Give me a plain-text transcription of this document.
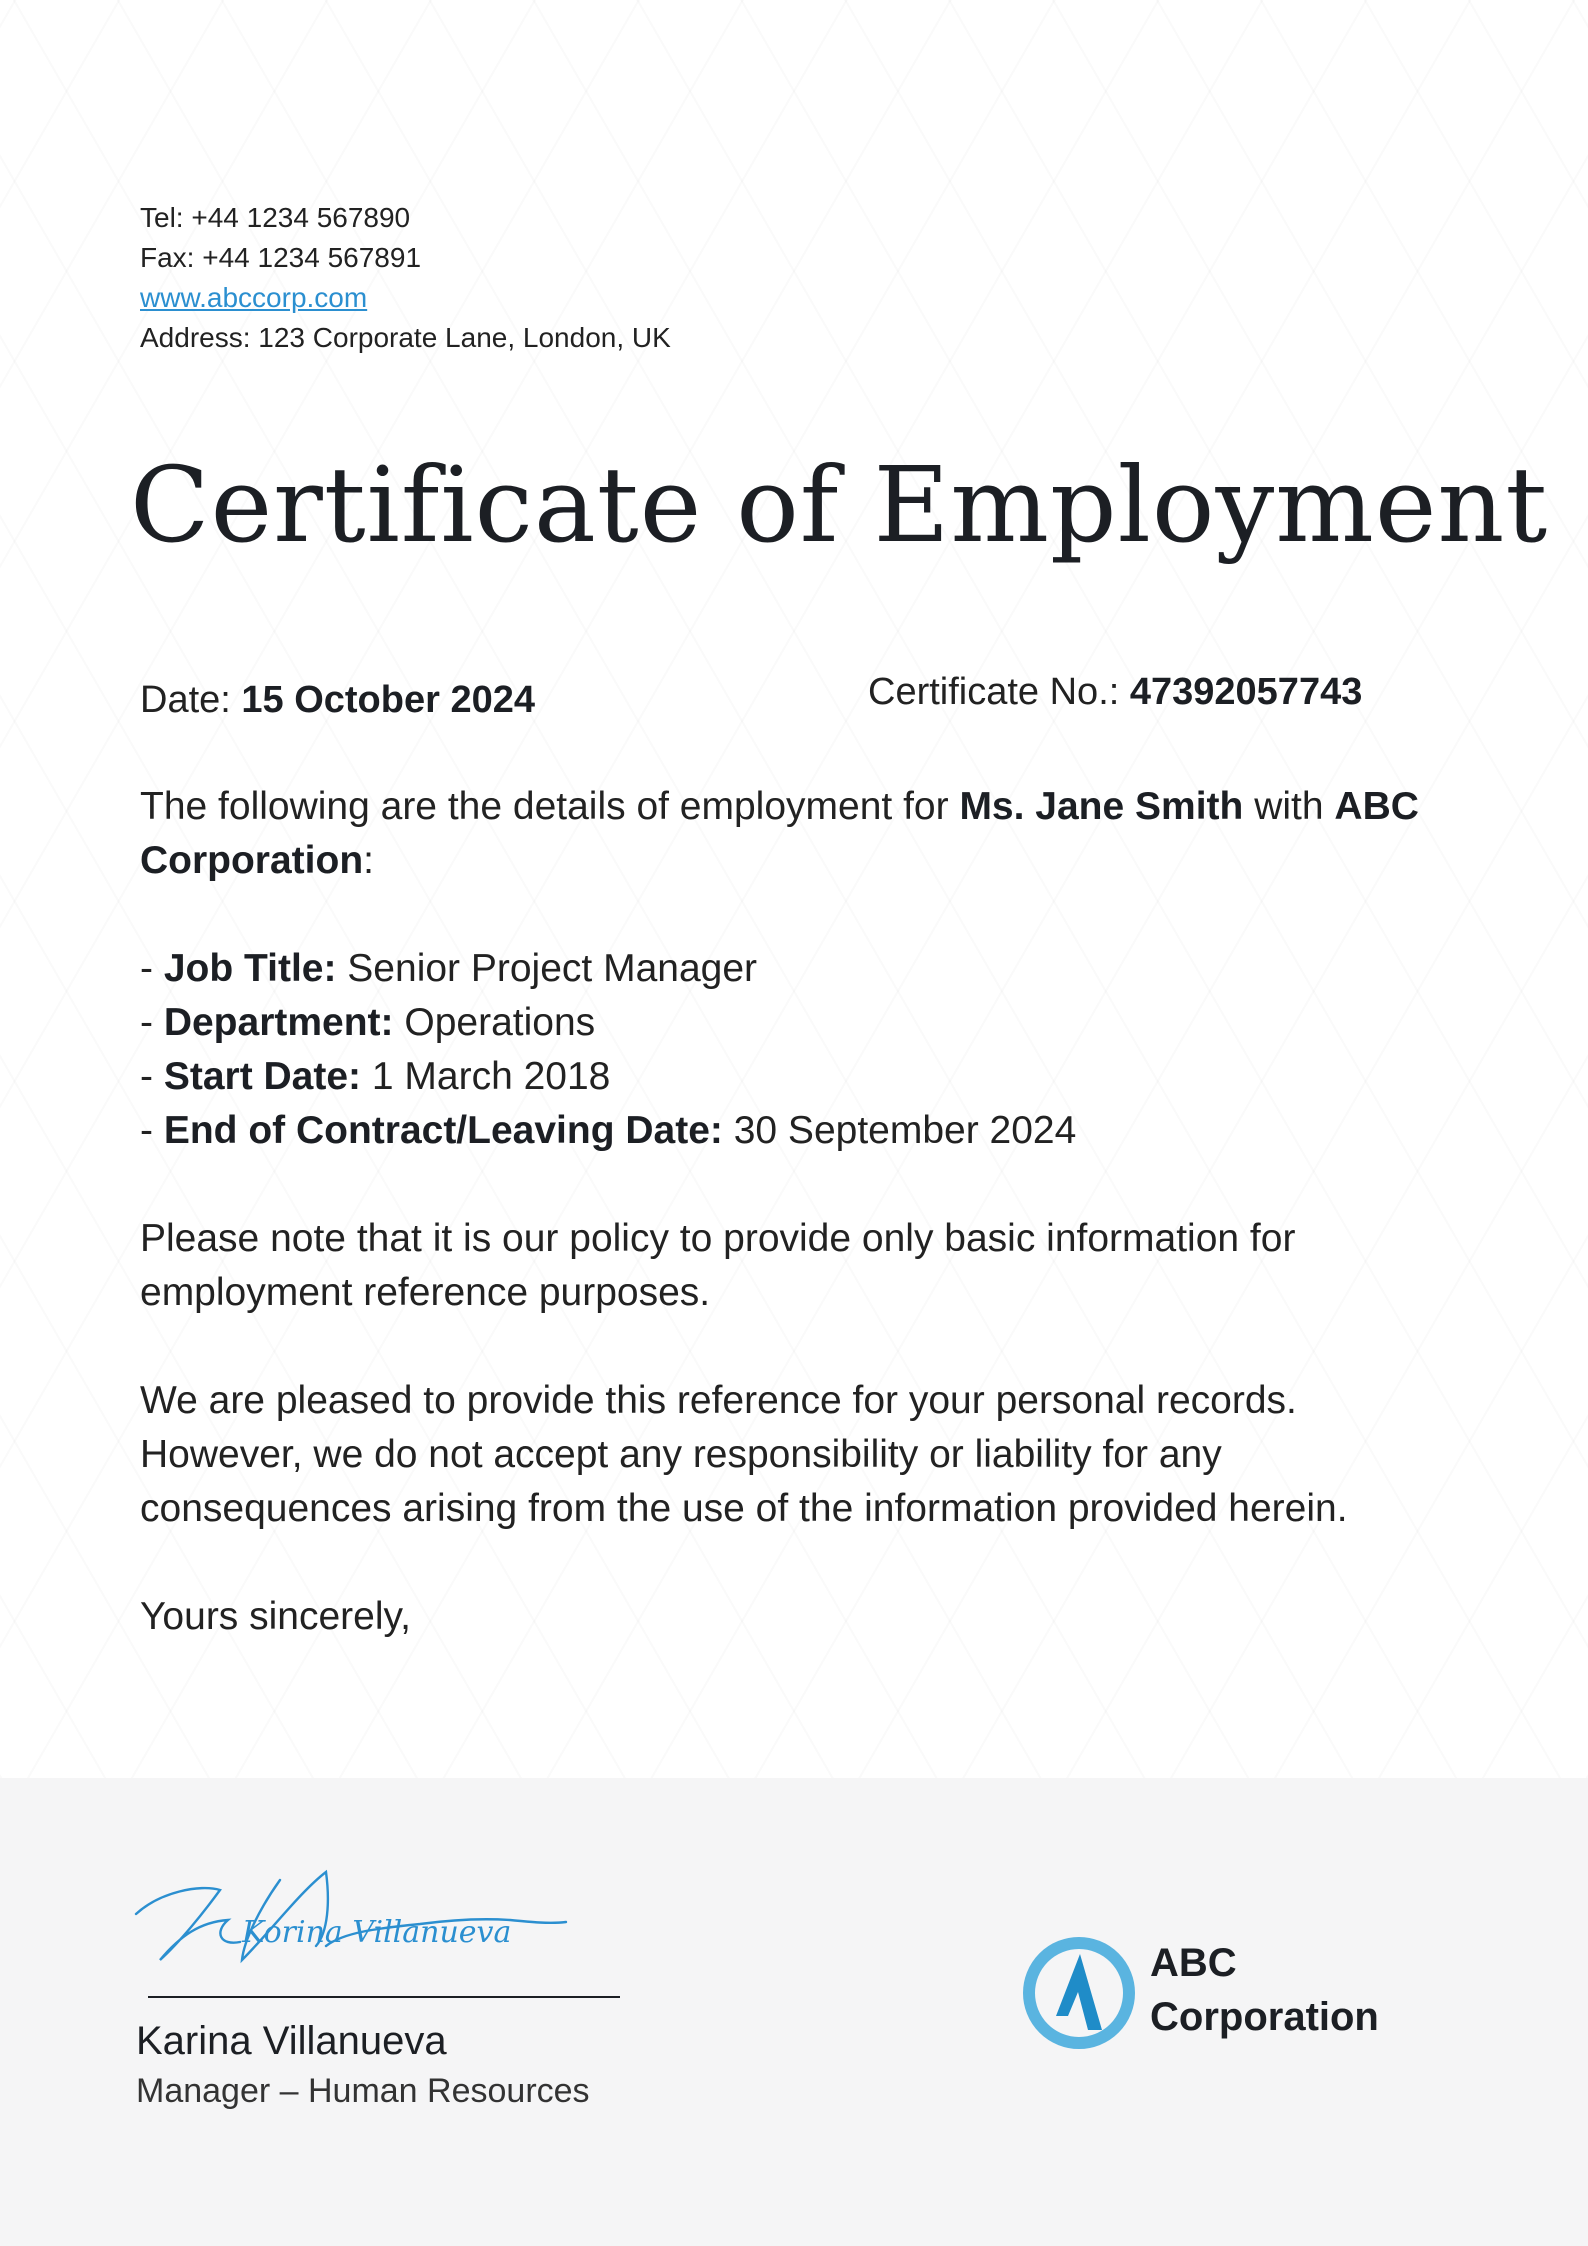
Tel: +44 1234 567890
Fax: +44 1234 567891
www.abccorp.com
Address: 123 Corporate Lane, London, UK
Certificate of Employment
Date: 15 October 2024	Certificate No.: 47392057743

The following are the details of employment for Ms. Jane Smith with ABC Corporation:

- Job Title: Senior Project Manager
- Department: Operations
- Start Date: 1 March 2018
- End of Contract/Leaving Date: 30 September 2024

Please note that it is our policy to provide only basic information for employment reference purposes.

We are pleased to provide this reference for your personal records. However, we do not accept any responsibility or liability for any consequences arising from the use of the information provided herein.

Yours sincerely,

Korina Villanueva
Karina Villanueva
Manager – Human Resources
ABC
Corporation
